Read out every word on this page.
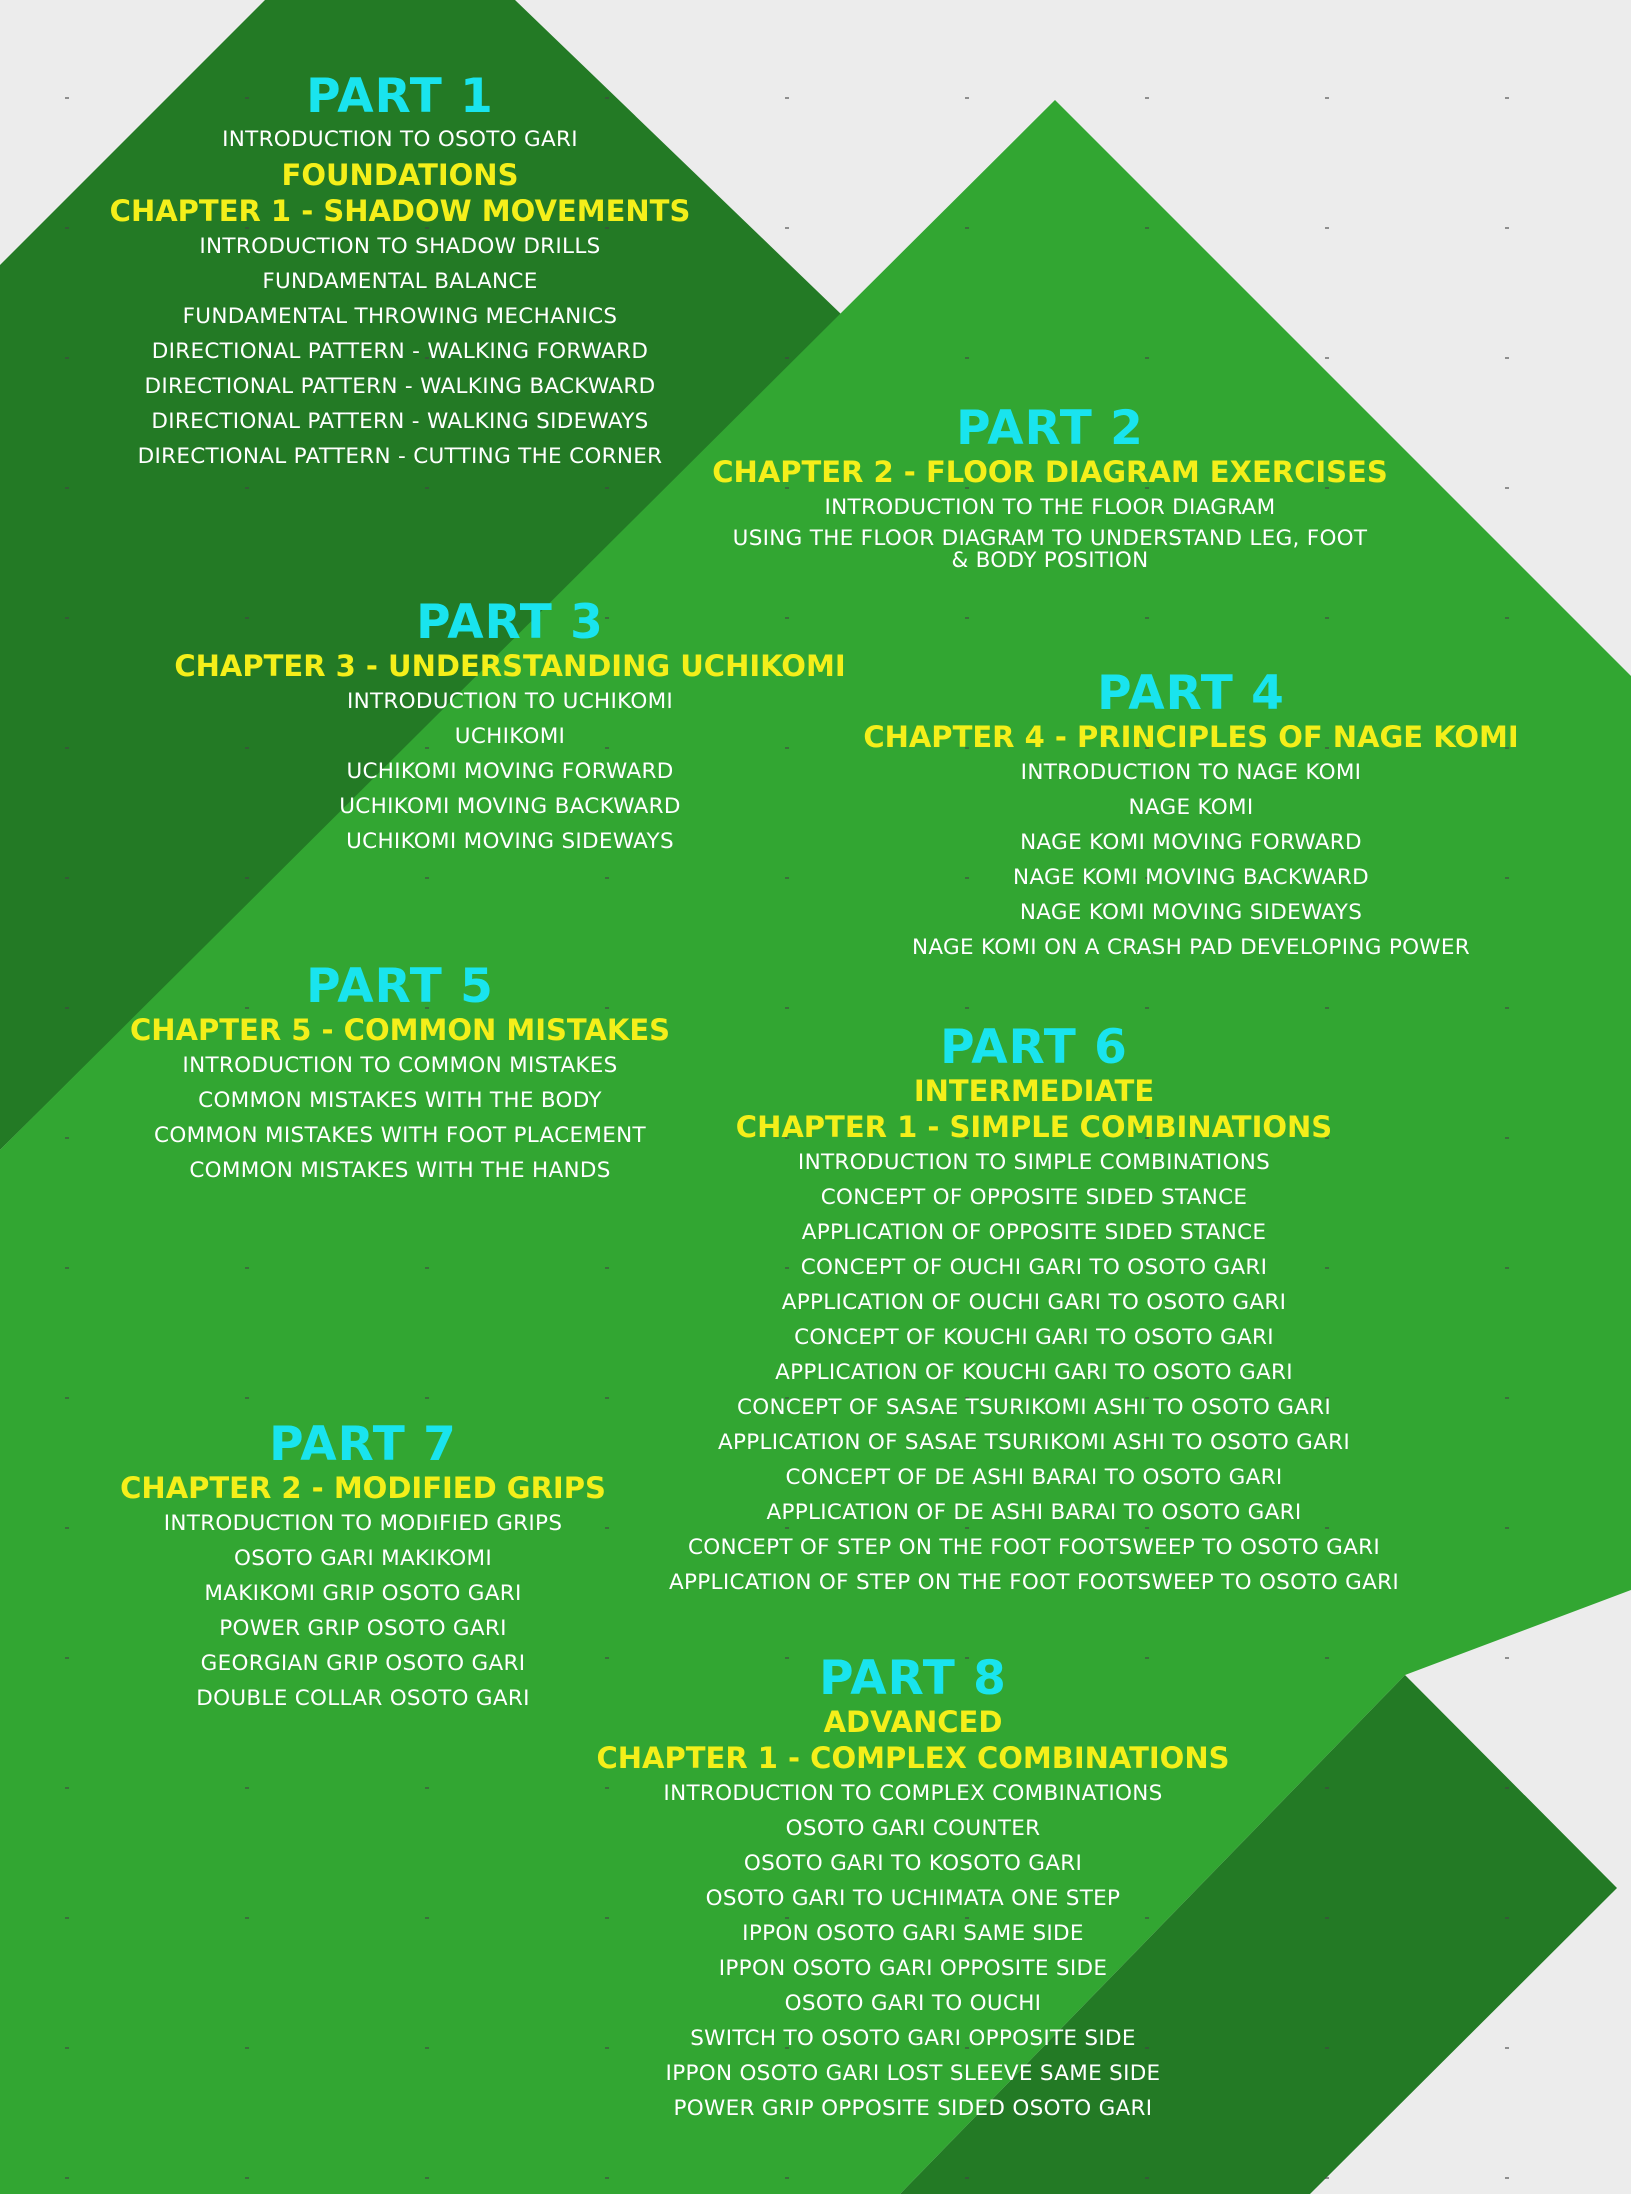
PART 1
INTRODUCTION TO OSOTO GARI
FOUNDATIONS
CHAPTER 1 - SHADOW MOVEMENTS
INTRODUCTION TO SHADOW DRILLS
FUNDAMENTAL BALANCE
FUNDAMENTAL THROWING MECHANICS
DIRECTIONAL PATTERN - WALKING FORWARD
DIRECTIONAL PATTERN - WALKING BACKWARD
DIRECTIONAL PATTERN - WALKING SIDEWAYS
DIRECTIONAL PATTERN - CUTTING THE CORNER
PART 2
CHAPTER 2 - FLOOR DIAGRAM EXERCISES
INTRODUCTION TO THE FLOOR DIAGRAM
USING THE FLOOR DIAGRAM TO UNDERSTAND LEG, FOOT & BODY POSITION
PART 3
CHAPTER 3 - UNDERSTANDING UCHIKOMI
INTRODUCTION TO UCHIKOMI
UCHIKOMI
UCHIKOMI MOVING FORWARD
UCHIKOMI MOVING BACKWARD
UCHIKOMI MOVING SIDEWAYS
PART 4
CHAPTER 4 - PRINCIPLES OF NAGE KOMI
INTRODUCTION TO NAGE KOMI
NAGE KOMI
NAGE KOMI MOVING FORWARD
NAGE KOMI MOVING BACKWARD
NAGE KOMI MOVING SIDEWAYS
NAGE KOMI ON A CRASH PAD DEVELOPING POWER
PART 5
CHAPTER 5 - COMMON MISTAKES
INTRODUCTION TO COMMON MISTAKES
COMMON MISTAKES WITH THE BODY
COMMON MISTAKES WITH FOOT PLACEMENT
COMMON MISTAKES WITH THE HANDS
PART 6
INTERMEDIATE
CHAPTER 1 - SIMPLE COMBINATIONS
INTRODUCTION TO SIMPLE COMBINATIONS
CONCEPT OF OPPOSITE SIDED STANCE
APPLICATION OF OPPOSITE SIDED STANCE
CONCEPT OF OUCHI GARI TO OSOTO GARI
APPLICATION OF OUCHI GARI TO OSOTO GARI
CONCEPT OF KOUCHI GARI TO OSOTO GARI
APPLICATION OF KOUCHI GARI TO OSOTO GARI
CONCEPT OF SASAE TSURIKOMI ASHI TO OSOTO GARI
APPLICATION OF SASAE TSURIKOMI ASHI TO OSOTO GARI
CONCEPT OF DE ASHI BARAI TO OSOTO GARI
APPLICATION OF DE ASHI BARAI TO OSOTO GARI
CONCEPT OF STEP ON THE FOOT FOOTSWEEP TO OSOTO GARI
APPLICATION OF STEP ON THE FOOT FOOTSWEEP TO OSOTO GARI
PART 7
CHAPTER 2 - MODIFIED GRIPS
INTRODUCTION TO MODIFIED GRIPS
OSOTO GARI MAKIKOMI
MAKIKOMI GRIP OSOTO GARI
POWER GRIP OSOTO GARI
GEORGIAN GRIP OSOTO GARI
DOUBLE COLLAR OSOTO GARI	PART 8
ADVANCED
CHAPTER 1 - COMPLEX COMBINATIONS
INTRODUCTION TO COMPLEX COMBINATIONS
OSOTO GARI COUNTER
OSOTO GARI TO KOSOTO GARI
OSOTO GARI TO UCHIMATA ONE STEP
IPPON OSOTO GARI SAME SIDE
IPPON OSOTO GARI OPPOSITE SIDE
OSOTO GARI TO OUCHI
SWITCH TO OSOTO GARI OPPOSITE SIDE
IPPON OSOTO GARI LOST SLEEVE SAME SIDE
POWER GRIP OPPOSITE SIDED OSOTO GARI
